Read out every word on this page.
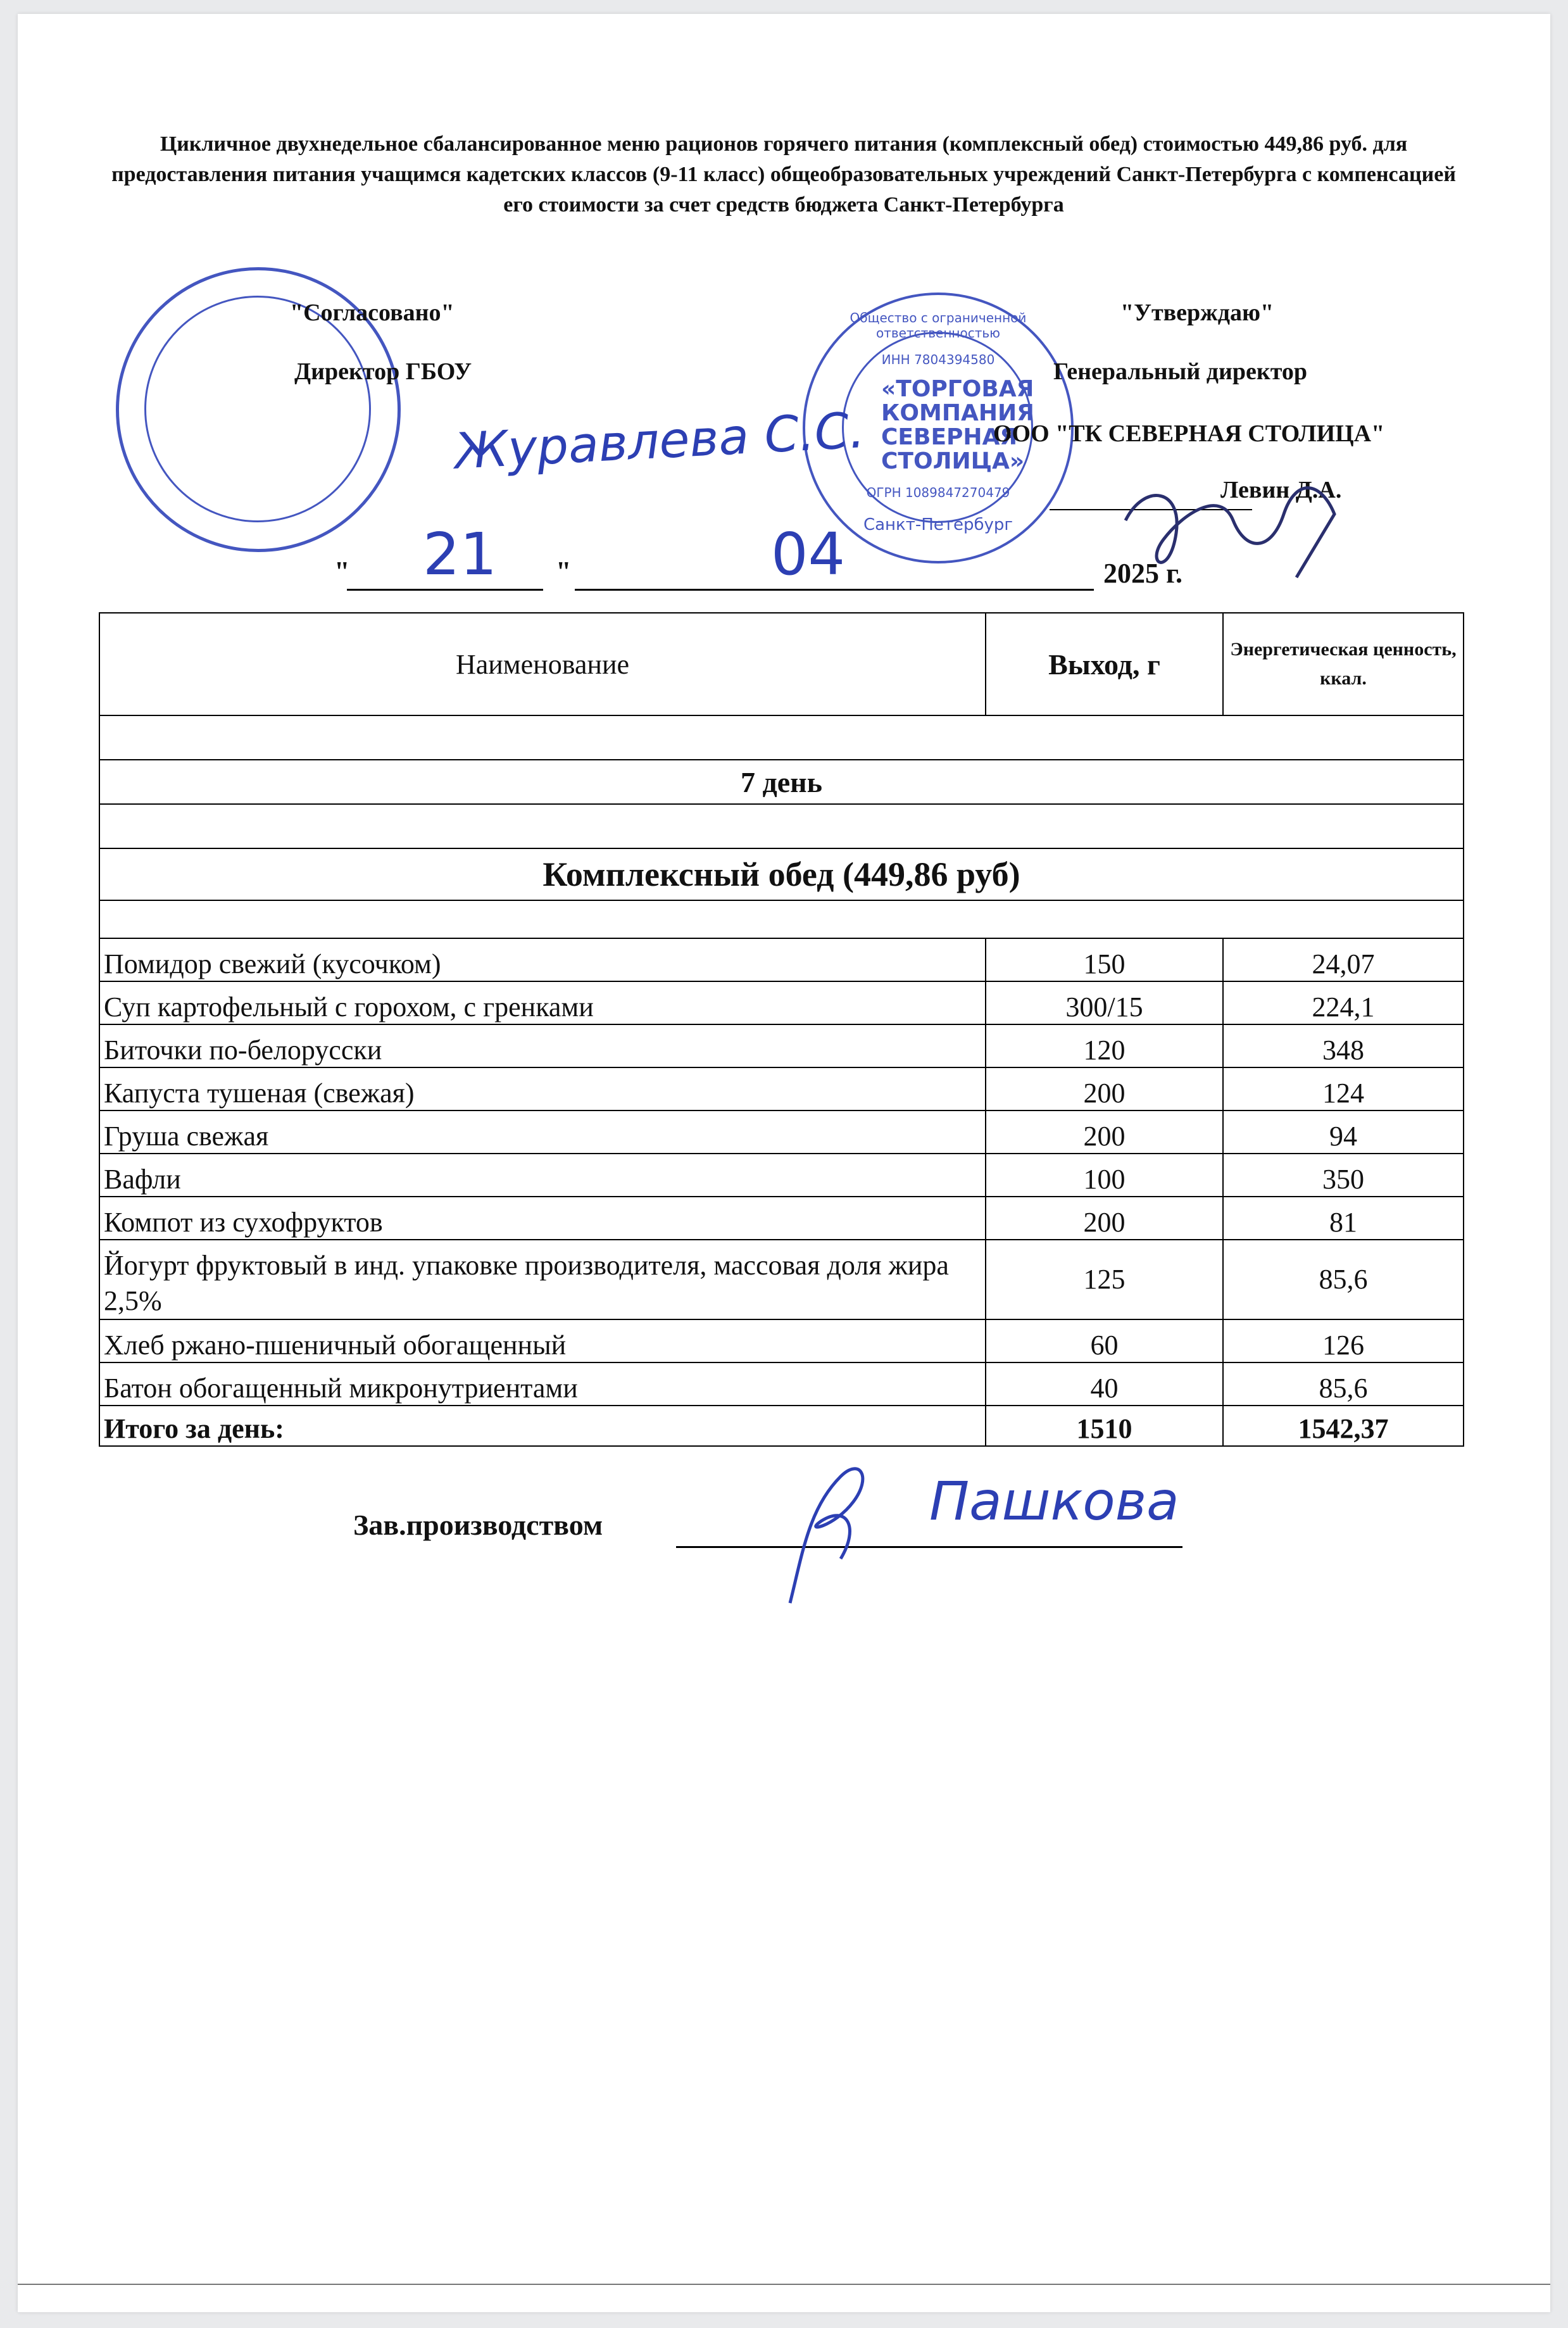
Цикличное двухнедельное сбалансированное меню рационов горячего питания (комплексный обед) стоимостью 449,86 руб. для предоставления питания учащимся кадетских классов (9-11 класс) общеобразовательных учреждений Санкт-Петербурга с компенсацией его стоимости за счет средств бюджета Санкт-Петербурга
"Согласовано"
Директор ГБОУ
Журавлева С.С.
ИНН 7804394580
«ТОРГОВАЯ КОМПАНИЯ СЕВЕРНАЯ СТОЛИЦА»
ОГРН 1089847270479
Санкт-Петербург
Общество с ограниченной ответственностью
"Утверждаю"
Генеральный директор
ООО "ТК СЕВЕРНАЯ СТОЛИЦА"
Левин Д.А.
" 21 "	04	2025 г.
Наименование	Выход, г	Энергетическая ценность, ккал.

7 день		

Комплексный обед (449,86 руб)		

Помидор свежий (кусочком)	150	24,07
Суп картофельный с горохом, с гренками	300/15	224,1
Биточки по-белорусски	120	348
Капуста тушеная (свежая)	200	124
Груша свежая	200	94
Вафли	100	350
Компот из сухофруктов	200	81
Йогурт фруктовый в инд. упаковке производителя, массовая доля жира 2,5%	125	85,6
Хлеб ржано-пшеничный обогащенный	60	126
Батон обогащенный микронутриентами	40	85,6
Итого за день:	1510	1542,37
Зав.производством	Пашкова
